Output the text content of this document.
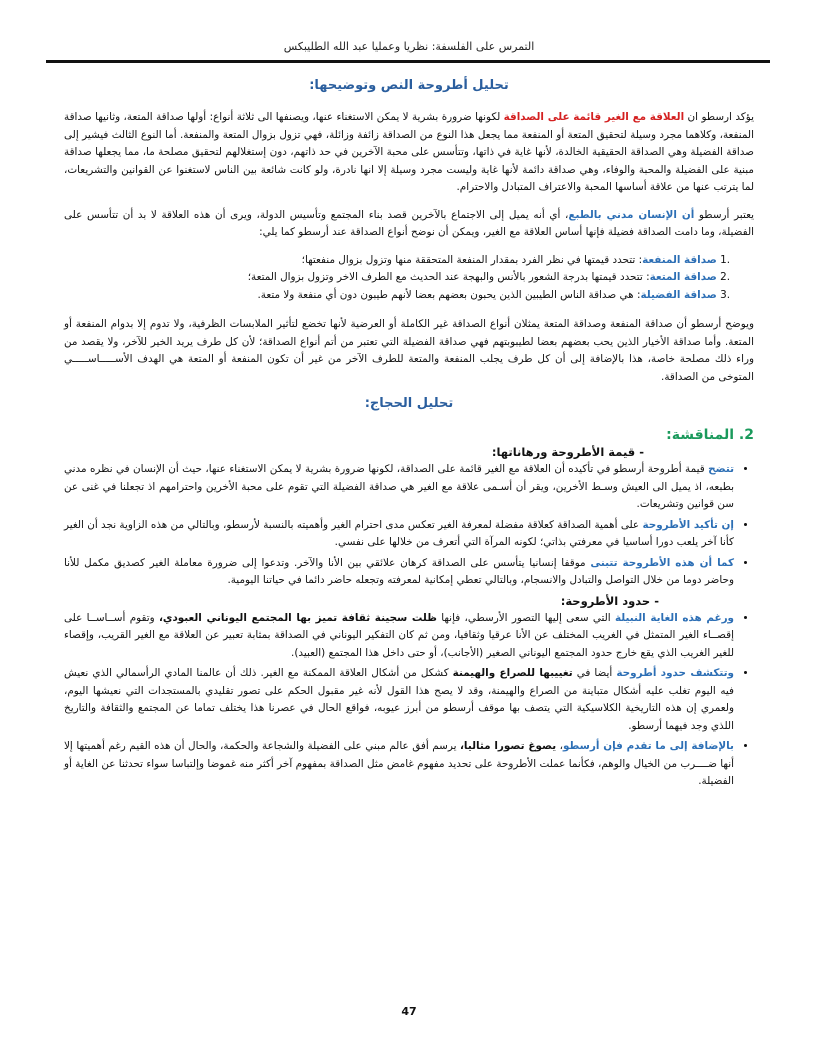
التمرس على الفلسفة: نظريا وعمليا عبد الله الطليبكس
تحليل أطروحة النص وتوضيحها:

يؤكد ارسطو ان العلاقة مع الغير قائمة على الصداقة لكونها ضرورة بشرية لا يمكن الاستغناء عنها، ويصنفها الى ثلاثة أنواع: أولها صداقة المتعة، وثانيها صداقة المنفعة، وكلاهما مجرد وسيلة لتحقيق المتعة أو المنفعة مما يجعل هذا النوع من الصداقة زائفة وزائلة، فهي تزول بزوال المتعة والمنفعة. أما النوع الثالث فيشير إلى صداقة الفضيلة وهي الصداقة الحقيقية الخالدة، لأنها غاية في ذاتها، وتتأسس على محبة الآخرين في حد ذاتهم، دون إستغلالهم لتحقيق مصلحة ما، مما يجعلها صداقة مبنية على الفضيلة والمحبة والوفاء، وهي صداقة دائمة لأنها غاية وليست مجرد وسيلة إلا انها نادرة، ولو كانت شائعة بين الناس لاستغنوا عن القوانين والتشريعات، لما يترتب عنها من علاقة أساسها المحبة والاعتراف المتبادل والاحترام.

يعتبر أرسطو أن الإنسان مدني بالطبع، أي أنه يميل إلى الاجتماع بالآخرين قصد بناء المجتمع وتأسيس الدولة، ويرى أن هذه العلاقة لا بد أن تتأسس على الفضيلة، وما دامت الصداقة فضيلة فإنها أساس العلاقة مع الغير، ويمكن أن نوضح أنواع الصداقة عند أرسطو كما يلي:

.1 صداقة المنفعة: تتحدد قيمتها في نظر الفرد بمقدار المنفعة المتحققة منها وتزول بزوال منفعتها؛
.2 صداقة المتعة: تتحدد قيمتها بدرجة الشعور بالأنس والبهجة عند الحديث مع الطرف الاخر وتزول بزوال المتعة؛
.3 صداقة الفضيلة: هي صداقة الناس الطيبين الذين يحبون بعضهم بعضا لأنهم طيبون دون أي منفعة ولا متعة.

ويوضح أرسطو أن صداقة المنفعة وصداقة المتعة يمثلان أنواع الصداقة غير الكاملة أو العرضية لأنها تخضع لتأثير الملابسات الظرفية، ولا تدوم إلا بدوام المنفعة أو المتعة. وأما صداقة الأخيار الذين يحب بعضهم بعضا لطيبوبتهم فهي صداقة الفضيلة التي تعتبر من أتم أنواع الصداقة؛ لأن كل طرف يريد الخير للآخر، ولا يقصد من وراء ذلك مصلحة خاصة، هذا بالإضافة إلى أن كل طرف يجلب المنفعة والمتعة للطرف الآخر من غير أن تكون المنفعة أو المتعة هي الهدف الأســـــاســـــي المتوخى من الصداقة.

تحليل الحجاج:
2. المناقشة:
- قيمة الأطروحة ورهاناتها:
• تتضح قيمة أطروحة أرسطو في تأكيده أن العلاقة مع الغير قائمة على الصداقة، لكونها ضرورة بشرية لا يمكن الاستغناء عنها، حيث أن الإنسان في نظره مدني بطبعه، اذ يميل الى العيش وسـط الأخرين، ويقر أن أسـمى علاقة مع الغير هي صداقة الفضيلة التي تقوم على محبة الأخرين واحترامهم اذ تجعلنا في غنى عن سن قوانين وتشريعات.
• إن تأكيد الأطروحة على أهمية الصداقة كعلاقة مفضلة لمعرفة الغير تعكس مدى احترام الغير وأهميته بالنسبة لأرسطو، وبالتالي من هذه الزاوية نجد أن الغير كأنا آخر يلعب دورا أساسيا في معرفتي بذاتي؛ لكونه المرآة التي أتعرف من خلالها على نفسي.
• كما أن هذه الأطروحة تتبنى موقفا إنسانيا يتأسس على الصداقة كرهان علائقي بين الأنا والآخر. وتدعوا إلى ضرورة معاملة الغير كصديق مكمل للأنا وحاضر دوما من خلال التواصل والتبادل والانسجام، وبالتالي تعطي إمكانية لمعرفته وتجعله حاضر دائما في حياتنا اليومية.
- حدود الأطروحة:
• ورغم هذه الغاية النبيلة التي سعى إليها التصور الأرسطي، فإنها ظلت سجينة ثقافة تميز بها المجتمع اليوناني العبودي، وتقوم أســاســا على إقصــاء الغير المتمثل في الغريب المختلف عن الأنا عرقيا وثقافيا، ومن ثم كان التفكير اليوناني في الصداقة بمثابة تعبير عن العلاقة مع الغير القريب، وإقصاء للغير الغريب الذي يقع خارج حدود المجتمع اليوناني الصغير (الأجانب)، أو حتى داخل هذا المجتمع (العبيد).
• وتتكشف حدود أطروحة أيضا في تغييبها للصراع والهيمنة كشكل من أشكال العلاقة الممكنة مع الغير. ذلك أن عالمنا المادي الرأسمالي الذي نعيش فيه اليوم تغلب عليه أشكال متباينة من الصراع والهيمنة، وقد لا يصح هذا القول لأنه غير مقبول الحكم على تصور تقليدي بالمستجدات التي نعيشها اليوم، ولعمري إن هذه التاريخية الكلاسيكية التي يتصف بها موقف أرسطو من أبرز عيوبه، فواقع الحال في عصرنا هذا يختلف تماما عن المجتمع والثقافة والتاريخ اللذي وجد فيهما أرسطو.
• بالإضافة إلى ما تقدم فإن أرسطو، يصوغ تصورا مثاليا، يرسم أفق عالم مبني على الفضيلة والشجاعة والحكمة، والحال أن هذه القيم رغم أهميتها إلا أنها ضــــرب من الخيال والوهم، فكأنما عملت الأطروحة على تحديد مفهوم غامض مثل الصداقة بمفهوم آخر أكثر منه غموضا وإلتباسا سواء تحدثنا عن الغاية أو الفضيلة.
47
